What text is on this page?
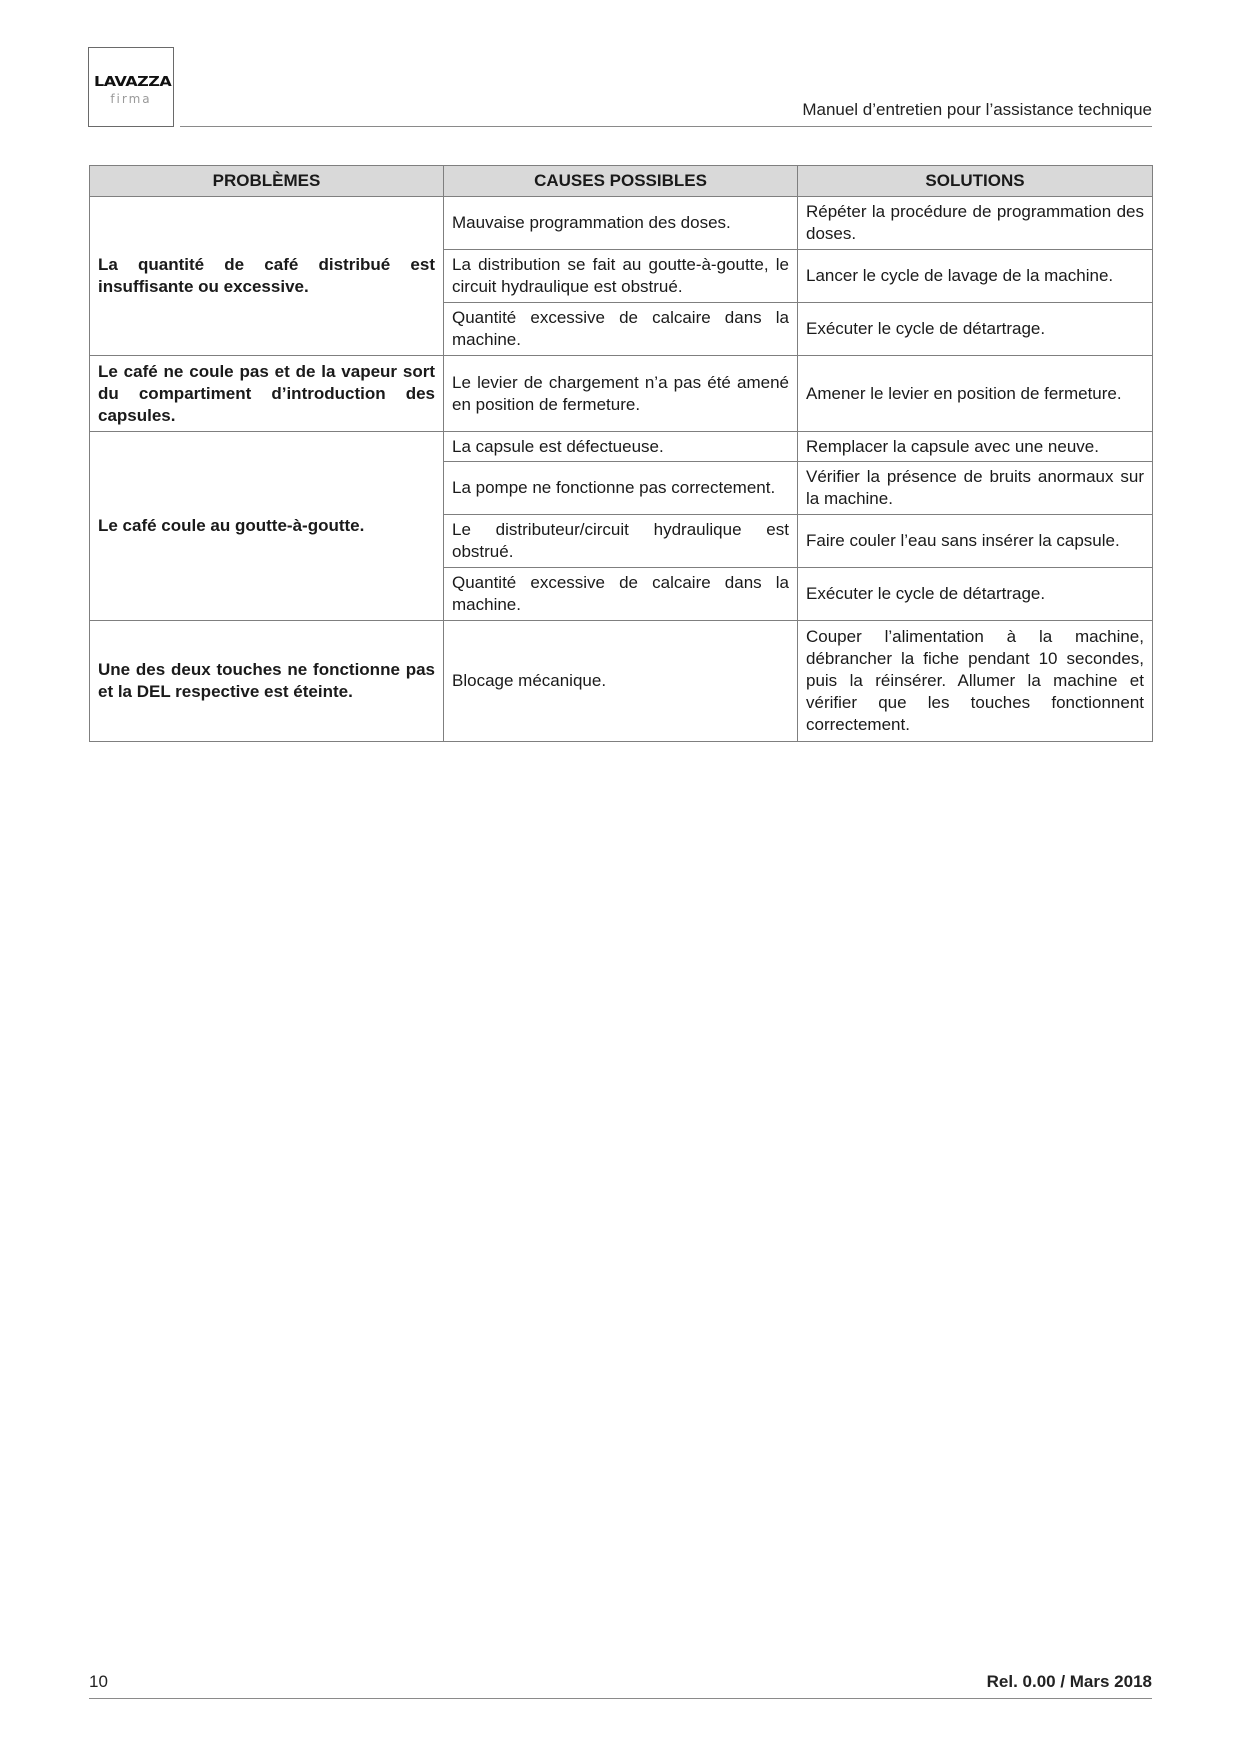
LAVAZZA
firma
Manuel d’entretien pour l’assistance technique
PROBLÈMES	CAUSES POSSIBLES	SOLUTIONS
La quantité de café distribué est insuffisante ou excessive.	Mauvaise programmation des doses.	Répéter la procédure de programmation des doses.
	La distribution se fait au goutte-à-goutte, le circuit hydraulique est obstrué.	Lancer le cycle de lavage de la machine.
	Quantité excessive de calcaire dans la machine.	Exécuter le cycle de détartrage.
Le café ne coule pas et de la vapeur sort du compartiment d’introduction des capsules.	Le levier de chargement n’a pas été amené en position de fermeture.	Amener le levier en position de fermeture.
Le café coule au goutte-à-goutte.	La capsule est défectueuse.	Remplacer la capsule avec une neuve.
	La pompe ne fonctionne pas correctement.	Vérifier la présence de bruits anormaux sur la machine.
	Le distributeur/circuit hydraulique est obstrué.	Faire couler l’eau sans insérer la capsule.
	Quantité excessive de calcaire dans la machine.	Exécuter le cycle de détartrage.
Une des deux touches ne fonctionne pas et la DEL respective est éteinte.	Blocage mécanique.	Couper l’alimentation à la machine, débrancher la fiche pendant 10 secondes, puis la réinsérer. Allumer la machine et vérifier que les touches fonctionnent correctement.
10	Rel. 0.00 / Mars 2018
